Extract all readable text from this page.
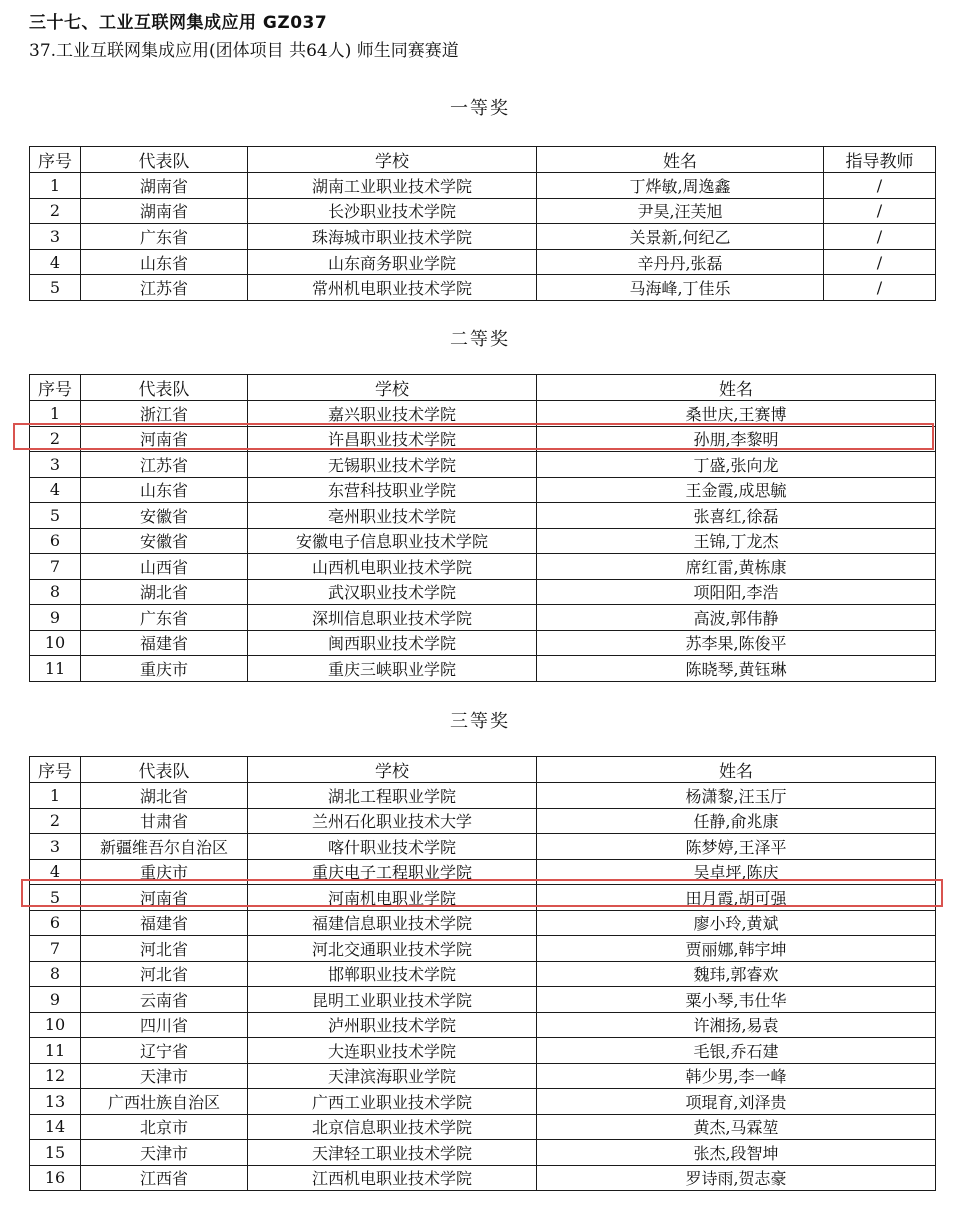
三十七、工业互联网集成应用 GZ037
37.工业互联网集成应用(团体项目 共64人) 师生同赛赛道
一等奖
序号	代表队	学校	姓名	指导教师
1	湖南省	湖南工业职业技术学院	丁烨敏,周逸鑫	/
2	湖南省	长沙职业技术学院	尹昊,汪芙旭	/
3	广东省	珠海城市职业技术学院	关景新,何纪乙	/
4	山东省	山东商务职业学院	辛丹丹,张磊	/
5	江苏省	常州机电职业技术学院	马海峰,丁佳乐	/
二等奖
序号	代表队	学校	姓名
1	浙江省	嘉兴职业技术学院	桑世庆,王赛博
2	河南省	许昌职业技术学院	孙朋,李黎明
3	江苏省	无锡职业技术学院	丁盛,张向龙
4	山东省	东营科技职业学院	王金霞,成思毓
5	安徽省	亳州职业技术学院	张喜红,徐磊
6	安徽省	安徽电子信息职业技术学院	王锦,丁龙杰
7	山西省	山西机电职业技术学院	席红雷,黄栋康
8	湖北省	武汉职业技术学院	项阳阳,李浩
9	广东省	深圳信息职业技术学院	高波,郭伟静
10	福建省	闽西职业技术学院	苏李果,陈俊平
11	重庆市	重庆三峡职业学院	陈晓琴,黄钰琳
三等奖
序号	代表队	学校	姓名
1	湖北省	湖北工程职业学院	杨潇黎,汪玉厅
2	甘肃省	兰州石化职业技术大学	任静,俞兆康
3	新疆维吾尔自治区	喀什职业技术学院	陈梦婷,王泽平
4	重庆市	重庆电子工程职业学院	吴卓坪,陈庆
5	河南省	河南机电职业学院	田月霞,胡可强
6	福建省	福建信息职业技术学院	廖小玲,黄斌
7	河北省	河北交通职业技术学院	贾丽娜,韩宇坤
8	河北省	邯郸职业技术学院	魏玮,郭睿欢
9	云南省	昆明工业职业技术学院	粟小琴,韦仕华
10	四川省	泸州职业技术学院	许湘扬,易袁
11	辽宁省	大连职业技术学院	毛银,乔石建
12	天津市	天津滨海职业学院	韩少男,李一峰
13	广西壮族自治区	广西工业职业技术学院	项琨育,刘泽贵
14	北京市	北京信息职业技术学院	黄杰,马霖堃
15	天津市	天津轻工职业技术学院	张杰,段智坤
16	江西省	江西机电职业技术学院	罗诗雨,贺志豪
